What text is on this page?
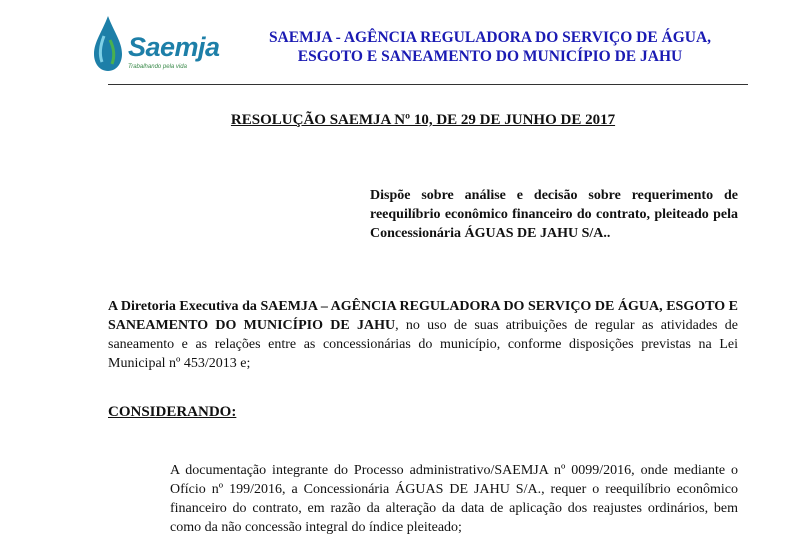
Saemja
Trabalhando pela vida
SAEMJA - AGÊNCIA REGULADORA DO SERVIÇO DE ÁGUA,
ESGOTO E SANEAMENTO DO MUNICÍPIO DE JAHU
RESOLUÇÃO SAEMJA Nº 10, DE 29 DE JUNHO DE 2017
Dispõe sobre análise e decisão sobre requerimento de reequilíbrio econômico financeiro do contrato, pleiteado pela Concessionária ÁGUAS DE JAHU S/A..
A Diretoria Executiva da SAEMJA – AGÊNCIA REGULADORA DO SERVIÇO DE ÁGUA, ESGOTO E SANEAMENTO DO MUNICÍPIO DE JAHU, no uso de suas atribuições de regular as atividades de saneamento e as relações entre as concessionárias do município, conforme disposições previstas na Lei Municipal nº 453/2013 e;
CONSIDERANDO:
A documentação integrante do Processo administrativo/SAEMJA nº 0099/2016, onde mediante o Ofício nº 199/2016, a Concessionária ÁGUAS DE JAHU S/A., requer o reequilíbrio econômico financeiro do contrato, em razão da alteração da data de aplicação dos reajustes ordinários, bem como da não concessão integral do índice pleiteado;
